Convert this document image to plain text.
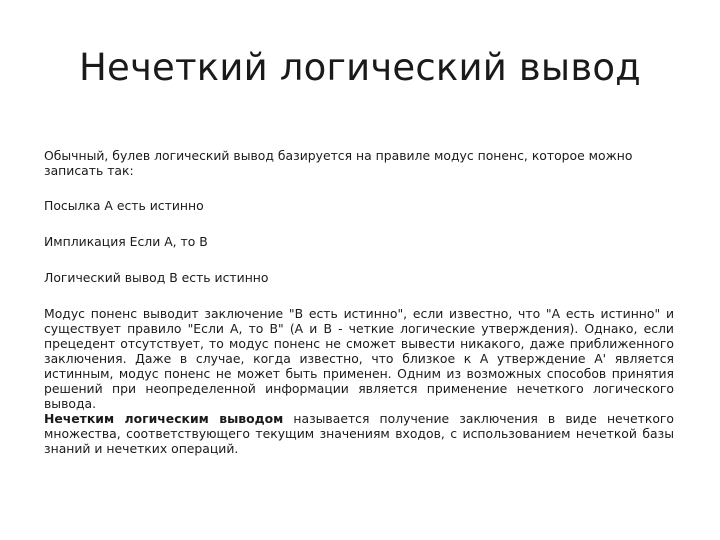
Нечеткий логический вывод

Обычный, булев логический вывод базируется на правиле модус поненс, которое можно записать так:

Посылка А есть истинно

Импликация Если А, то В

Логический вывод В есть истинно

Модус поненс выводит заключение "В есть истинно", если известно, что "А есть истинно" и существует правило "Если А, то В" (А и В - четкие логические утверждения). Однако, если прецедент отсутствует, то модус поненс не сможет вывести никакого, даже приближенного заключения. Даже в случае, когда известно, что близкое к А утверждение А' является истинным, модус поненс не может быть применен. Одним из возможных способов принятия решений при неопределенной информации является применение нечеткого логического вывода.

Нечетким логическим выводом называется получение заключения в виде нечеткого множества, соответствующего текущим значениям входов, с использованием нечеткой базы знаний и нечетких операций.
